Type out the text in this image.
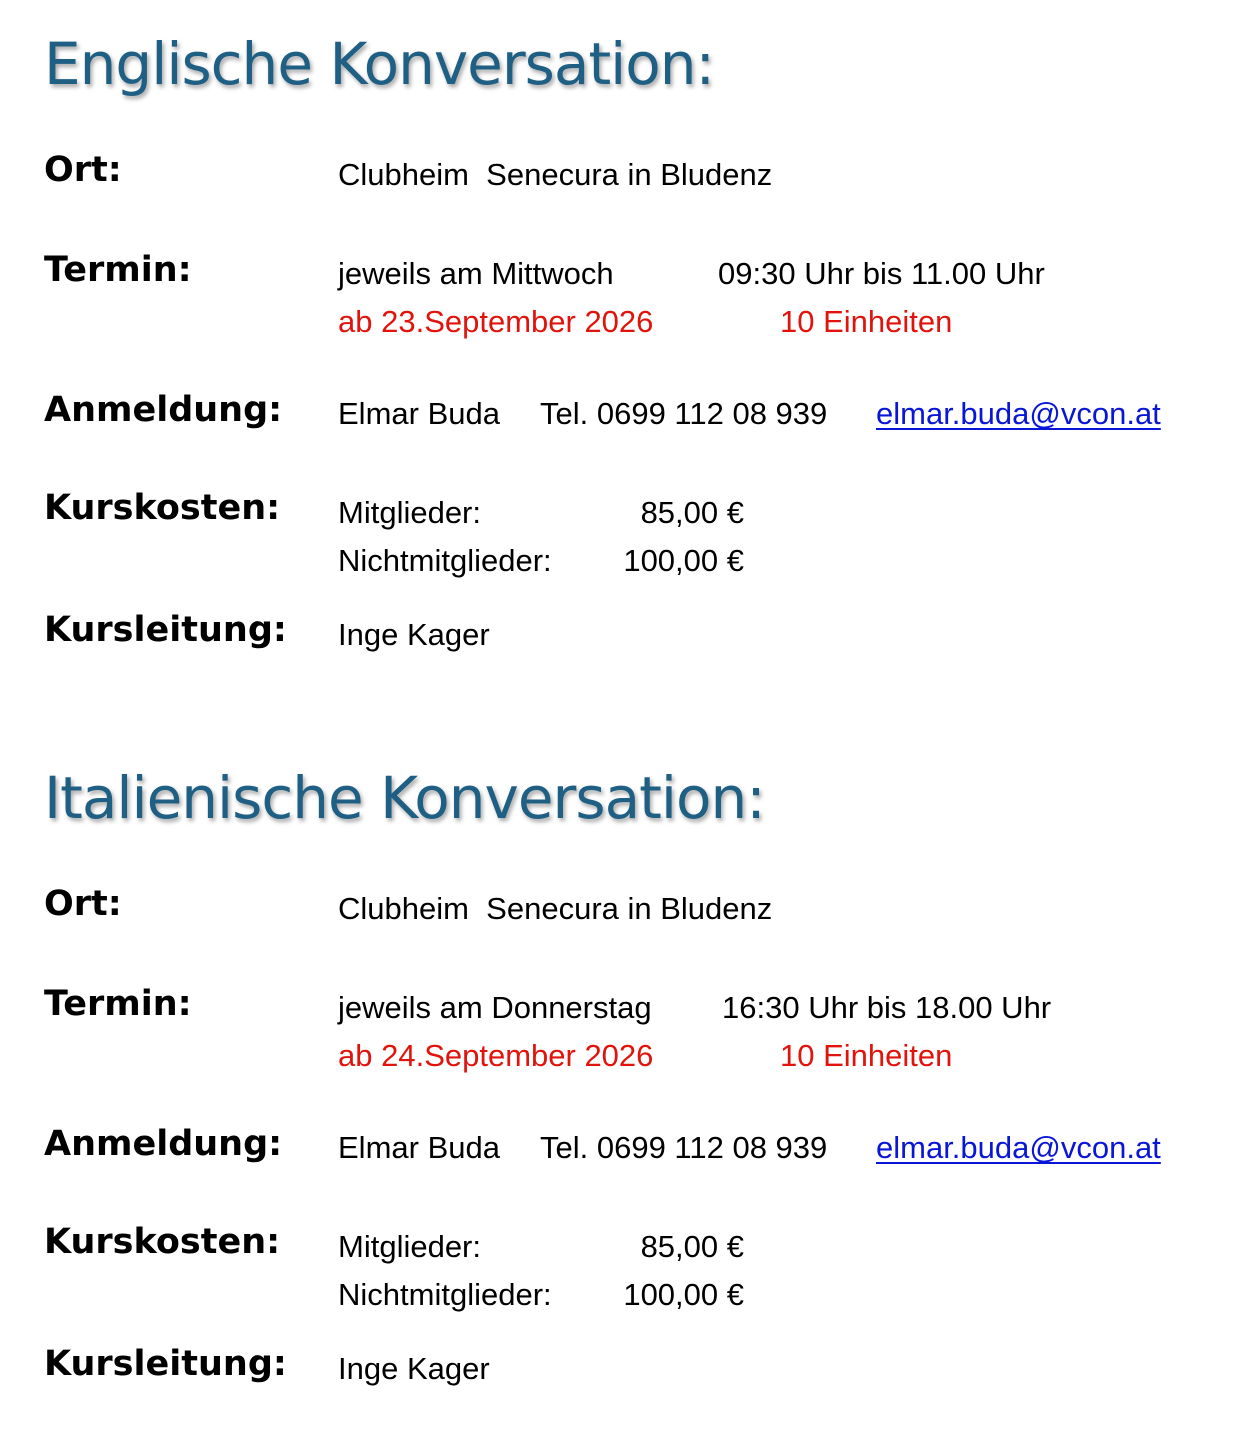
Englische Konversation:
Ort:	Clubheim  Senecura in Bludenz
Termin:	jeweils am Mittwoch	09:30 Uhr bis 11.00 Uhr
ab 23.September 2026	10 Einheiten
Anmeldung: Elmar Buda Tel. 0699 112 08 939 elmar.buda@vcon.at
Kurskosten: Mitglieder:	85,00 €
Nichtmitglieder:	100,00 €
Kursleitung: Inge Kager
Italienische Konversation:
Ort:	Clubheim  Senecura in Bludenz
Termin:	jeweils am Donnerstag 16:30 Uhr bis 18.00 Uhr
ab 24.September 2026	10 Einheiten
Anmeldung: Elmar Buda Tel. 0699 112 08 939 elmar.buda@vcon.at
Kurskosten: Mitglieder:	85,00 €
Nichtmitglieder:	100,00 €
Kursleitung: Inge Kager
